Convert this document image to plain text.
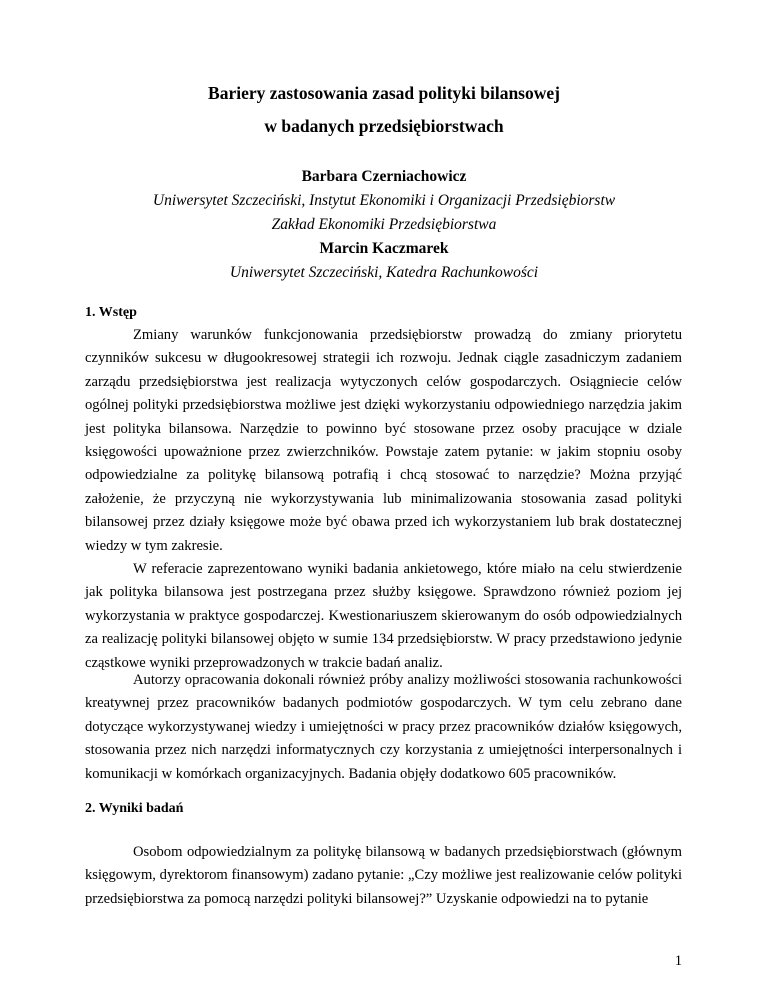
Bariery zastosowania zasad polityki bilansowej
w badanych przedsiębiorstwach
Barbara Czerniachowicz
Uniwersytet Szczeciński, Instytut Ekonomiki i Organizacji Przedsiębiorstw
Zakład Ekonomiki Przedsiębiorstwa
Marcin Kaczmarek
Uniwersytet Szczeciński, Katedra Rachunkowości
1. Wstęp

Zmiany warunków funkcjonowania przedsiębiorstw prowadzą do zmiany priorytetu czynników sukcesu w długookresowej strategii ich rozwoju. Jednak ciągle zasadniczym zadaniem zarządu przedsiębiorstwa jest realizacja wytyczonych celów gospodarczych. Osiągniecie celów ogólnej polityki przedsiębiorstwa możliwe jest dzięki wykorzystaniu odpowiedniego narzędzia jakim jest polityka bilansowa. Narzędzie to powinno być stosowane przez osoby pracujące w dziale księgowości upoważnione przez zwierzchników. Powstaje zatem pytanie: w jakim stopniu osoby odpowiedzialne za politykę bilansową potrafią i chcą stosować to narzędzie? Można przyjąć założenie, że przyczyną nie wykorzystywania lub minimalizowania stosowania zasad polityki bilansowej przez działy księgowe może być obawa przed ich wykorzystaniem lub brak dostatecznej wiedzy w tym zakresie.

W referacie zaprezentowano wyniki badania ankietowego, które miało na celu stwierdzenie jak polityka bilansowa jest postrzegana przez służby księgowe. Sprawdzono również poziom jej wykorzystania w praktyce gospodarczej. Kwestionariuszem skierowanym do osób odpowiedzialnych za realizację polityki bilansowej objęto w sumie 134 przedsiębiorstw. W pracy przedstawiono jedynie cząstkowe wyniki przeprowadzonych w trakcie badań analiz.

Autorzy opracowania dokonali również próby analizy możliwości stosowania rachunkowości kreatywnej przez pracowników badanych podmiotów gospodarczych. W tym celu zebrano dane dotyczące wykorzystywanej wiedzy i umiejętności w pracy przez pracowników działów księgowych, stosowania przez nich narzędzi informatycznych czy korzystania z umiejętności interpersonalnych i komunikacji w komórkach organizacyjnych. Badania objęły dodatkowo 605 pracowników.

2. Wyniki badań

Osobom odpowiedzialnym za politykę bilansową w badanych przedsiębiorstwach (głównym księgowym, dyrektorom finansowym) zadano pytanie: „Czy możliwe jest realizowanie celów polityki przedsiębiorstwa za pomocą narzędzi polityki bilansowej?” Uzyskanie odpowiedzi na to pytanie

1
